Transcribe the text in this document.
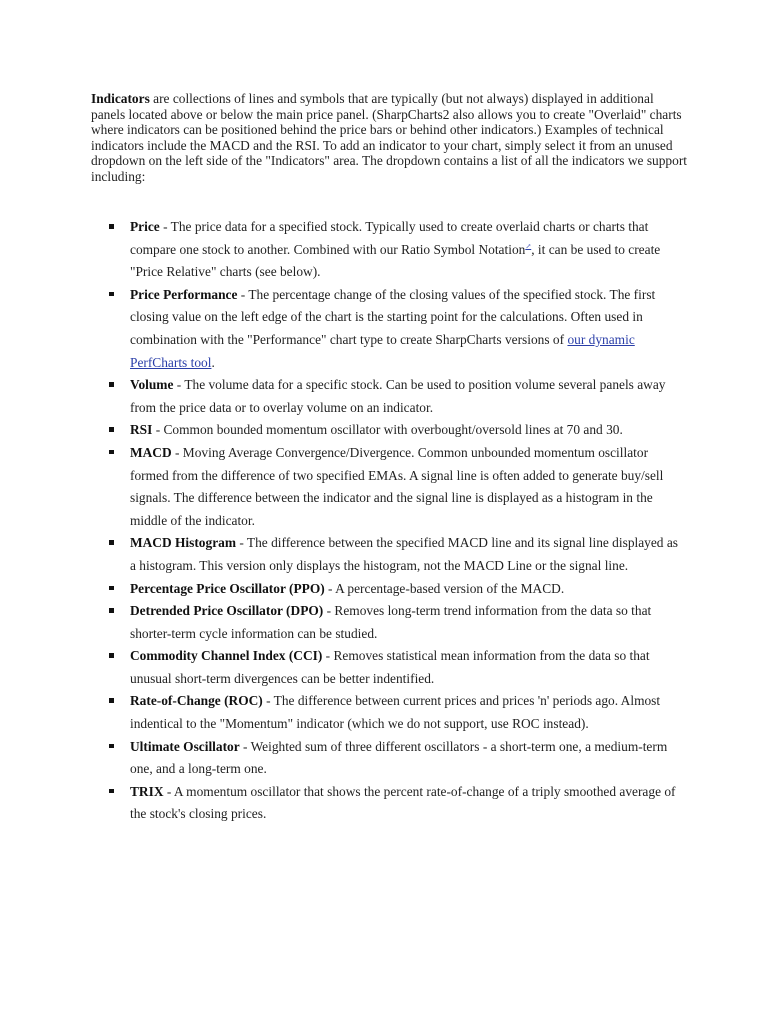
Indicators are collections of lines and symbols that are typically (but not always) displayed in additional panels located above or below the main price panel. (SharpCharts2 also allows you to create "Overlaid" charts where indicators can be positioned behind the price bars or behind other indicators.) Examples of technical indicators include the MACD and the RSI. To add an indicator to your chart, simply select it from an unused dropdown on the left side of the "Indicators" area. The dropdown contains a list of all the indicators we support including:

Price - The price data for a specified stock. Typically used to create overlaid charts or charts that compare one stock to another. Combined with our Ratio Symbol Notation↗, it can be used to create "Price Relative" charts (see below).
Price Performance - The percentage change of the closing values of the specified stock. The first closing value on the left edge of the chart is the starting point for the calculations. Often used in combination with the "Performance" chart type to create SharpCharts versions of our dynamic PerfCharts tool.
Volume - The volume data for a specific stock. Can be used to position volume several panels away from the price data or to overlay volume on an indicator.
RSI - Common bounded momentum oscillator with overbought/oversold lines at 70 and 30.
MACD - Moving Average Convergence/Divergence. Common unbounded momentum oscillator formed from the difference of two specified EMAs. A signal line is often added to generate buy/sell signals. The difference between the indicator and the signal line is displayed as a histogram in the middle of the indicator.
MACD Histogram - The difference between the specified MACD line and its signal line displayed as a histogram. This version only displays the histogram, not the MACD Line or the signal line.
Percentage Price Oscillator (PPO) - A percentage-based version of the MACD.
Detrended Price Oscillator (DPO) - Removes long-term trend information from the data so that shorter-term cycle information can be studied.
Commodity Channel Index (CCI) - Removes statistical mean information from the data so that unusual short-term divergences can be better indentified.
Rate-of-Change (ROC) - The difference between current prices and prices 'n' periods ago. Almost indentical to the "Momentum" indicator (which we do not support, use ROC instead).
Ultimate Oscillator - Weighted sum of three different oscillators - a short-term one, a medium-term one, and a long-term one.
TRIX - A momentum oscillator that shows the percent rate-of-change of a triply smoothed average of the stock's closing prices.
